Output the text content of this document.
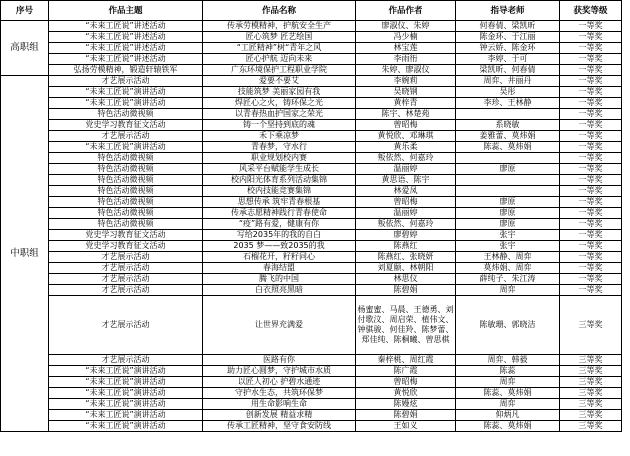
序号	作品主题	作品名称	作品作者	指导老师	获奖等级
高职组	“未来工匠说”讲述活动	传承劳模精神，护航安全生产	廖淑仪、朱婷	何春倩、梁凯昕	一等奖
	“未来工匠说”讲述活动	匠心筑梦 匠艺绘国	冯少楠	陈金环、于江丽	一等奖
	“未来工匠说”讲述活动	“工匠精神”树“青年之风	林宝莲	钟云娇、陈金环	一等奖
	“未来工匠说”讲述活动	匠心护航 迈向未来	李雨衎	李婷、于可	一等奖
	弘扬劳模精神，锻造轩辕铁军	广东环境保护工程职业学院	朱婷、廖淑仪	梁凯昕、何春倩	一等奖
中职组	才艺展示活动	爱要不要艾	李婉莉	周弈、井丽丹	一等奖
	“未来工匠说”演讲活动	技能筑梦 美丽家园有我	吴晓钢	吴彤	一等奖
	“未来工匠说”演讲活动	焊匠心之火，铸环保之光	黄梓青	李珍、王林静	一等奖
	特色活动微视频	以青春热血护国家之荣光	陈宇、林楚苑		一等奖
	党史学习教育征文活动	铸一个坚持到底的魂	曾昭梅	系晓敏	一等奖
	才艺展示活动	禾下乘凉梦	黄悦欣、邓琳琪	姜雅蕾、莫炜娟	一等奖
	“未来工匠说”演讲活动	青春梦，守水行	黄乐柔	陈蕊、莫炜娟	一等奖
	特色活动微视频	职业规划校内赛	叛依然、何嘉玲		一等奖
	特色活动微视频	风采平台赋能学生成长	温丽婷	廖原	一等奖
	特色活动微视频	校内阳光体育系列活动集锦	黄思语、陈宇		一等奖
	特色活动微视频	校内技能竞赛集锦	林爱凤		一等奖
	特色活动微视频	思想传承 筑牢青春根基	曾昭梅	廖原	一等奖
	特色活动微视频	传承志愿精神践行青春使命	温丽婷	廖原	一等奖
	特色活动微视频	“疫”路有爱，健康有你	叛依然、何嘉玲	廖原	一等奖
	党史学习教育征文活动	写给2035年的我的自白	廖碧婷	张宇	一等奖
	党史学习教育征文活动	2035 梦——致2035的我	陈燕红	张宇	一等奖
	才艺展示活动	石榴花开，籽籽同心	陈燕红、张晓妍	王林静、周弈	一等奖
	才艺展示活动	春海结盟	刘夏颐、林朝阳	莫炜娟、周弈	一等奖
	才艺展示活动	腾飞的中国	林思仪	薛纯子、朱江涛	一等奖
	才艺展示活动	白衣照亮黑暗	陈碧娟	周弈	一等奖
	才艺展示活动	让世界充满爱	杨蜜蜜、马晨、王德勇、刘付歌汶、周启荣、植伟文、钟骐骏、何佳羚、陈梦蕾、郑佳纯、陈桐曦、曾思棋	陈敏珊、郭晓洁	三等奖
	才艺展示活动	医路有你	秦梓桃、周红霞	周弈、韩毅	三等奖
	“未来工匠说”演讲活动	助力匠心圆梦，守护城市水质	陈广霞	陈蕊	三等奖
	“未来工匠说”演讲活动	以匠人初心 护碧水通迹	曾昭梅	周弈	三等奖
	“未来工匠说”演讲活动	守护水生态，共筑环保梦	黄悦欣	陈蕊、莫炜娟	三等奖
	“未来工匠说”演讲活动	用生命影响生命	陈嫚炫	周弈	三等奖
	“未来工匠说”演讲活动	创新发展 精益求精	陈碧娟	仰炳凡	三等奖
	“未来工匠说”演讲活动	传承工匠精神，坚守食安防线	王如义	陈蕊、莫炜娟	三等奖
